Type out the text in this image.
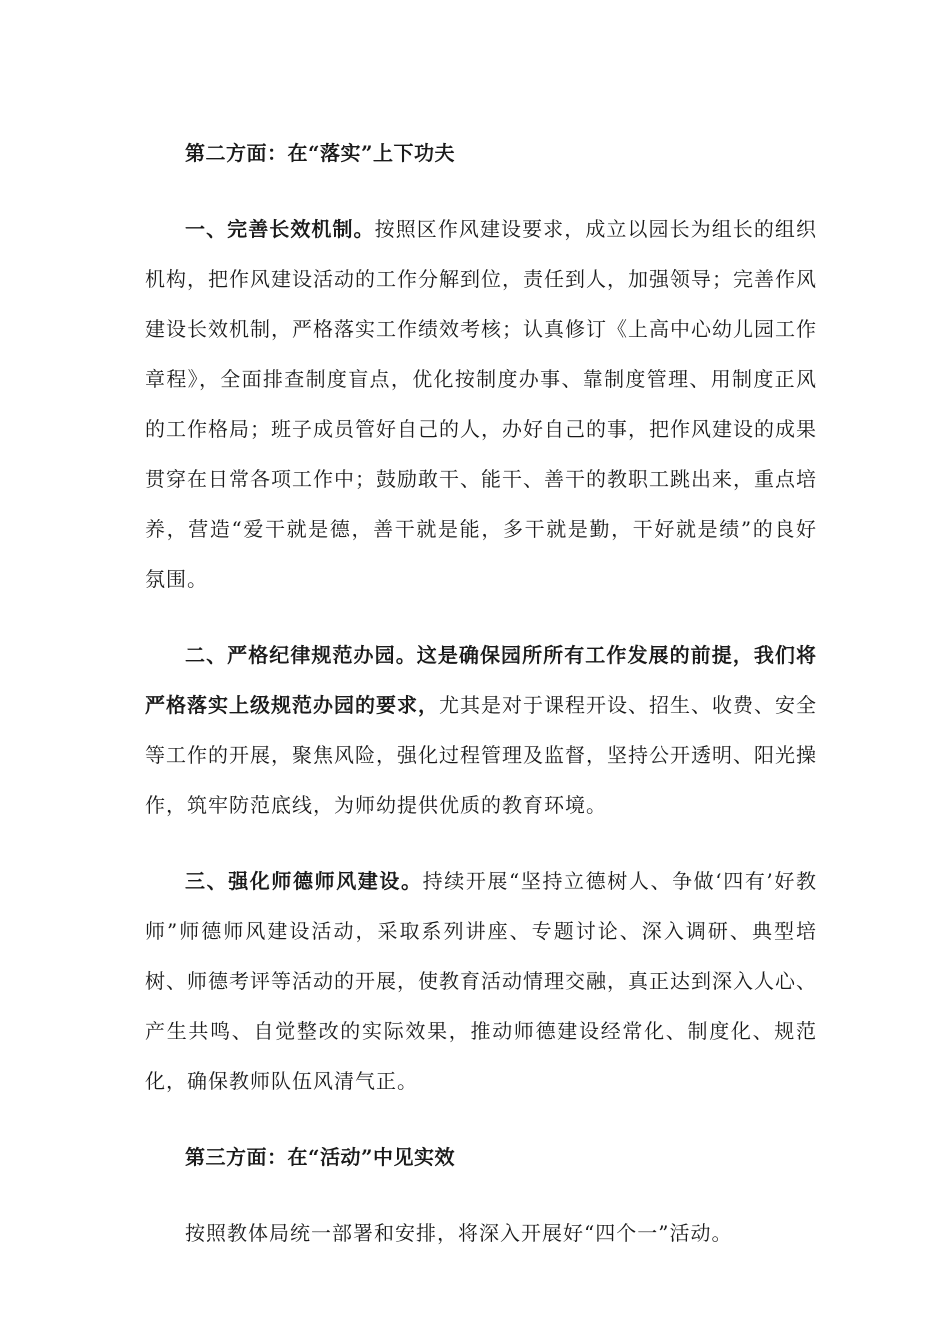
第二方面：在“落实”上下功夫

一、完善长效机制。按照区作风建设要求，成立以园长为组长的组织机构，把作风建设活动的工作分解到位，责任到人，加强领导；完善作风建设长效机制，严格落实工作绩效考核；认真修订《上高中心幼儿园工作章程》，全面排查制度盲点，优化按制度办事、靠制度管理、用制度正风的工作格局；班子成员管好自己的人，办好自己的事，把作风建设的成果贯穿在日常各项工作中；鼓励敢干、能干、善干的教职工跳出来，重点培养，营造“爱干就是德，善干就是能，多干就是勤，干好就是绩”的良好氛围。

二、严格纪律规范办园。这是确保园所所有工作发展的前提，我们将严格落实上级规范办园的要求，尤其是对于课程开设、招生、收费、安全等工作的开展，聚焦风险，强化过程管理及监督，坚持公开透明、阳光操作，筑牢防范底线，为师幼提供优质的教育环境。

三、强化师德师风建设。持续开展“坚持立德树人、争做‘四有’好教师”师德师风建设活动，采取系列讲座、专题讨论、深入调研、典型培树、师德考评等活动的开展，使教育活动情理交融，真正达到深入人心、产生共鸣、自觉整改的实际效果，推动师德建设经常化、制度化、规范化，确保教师队伍风清气正。

第三方面：在“活动”中见实效

按照教体局统一部署和安排，将深入开展好“四个一”活动。
